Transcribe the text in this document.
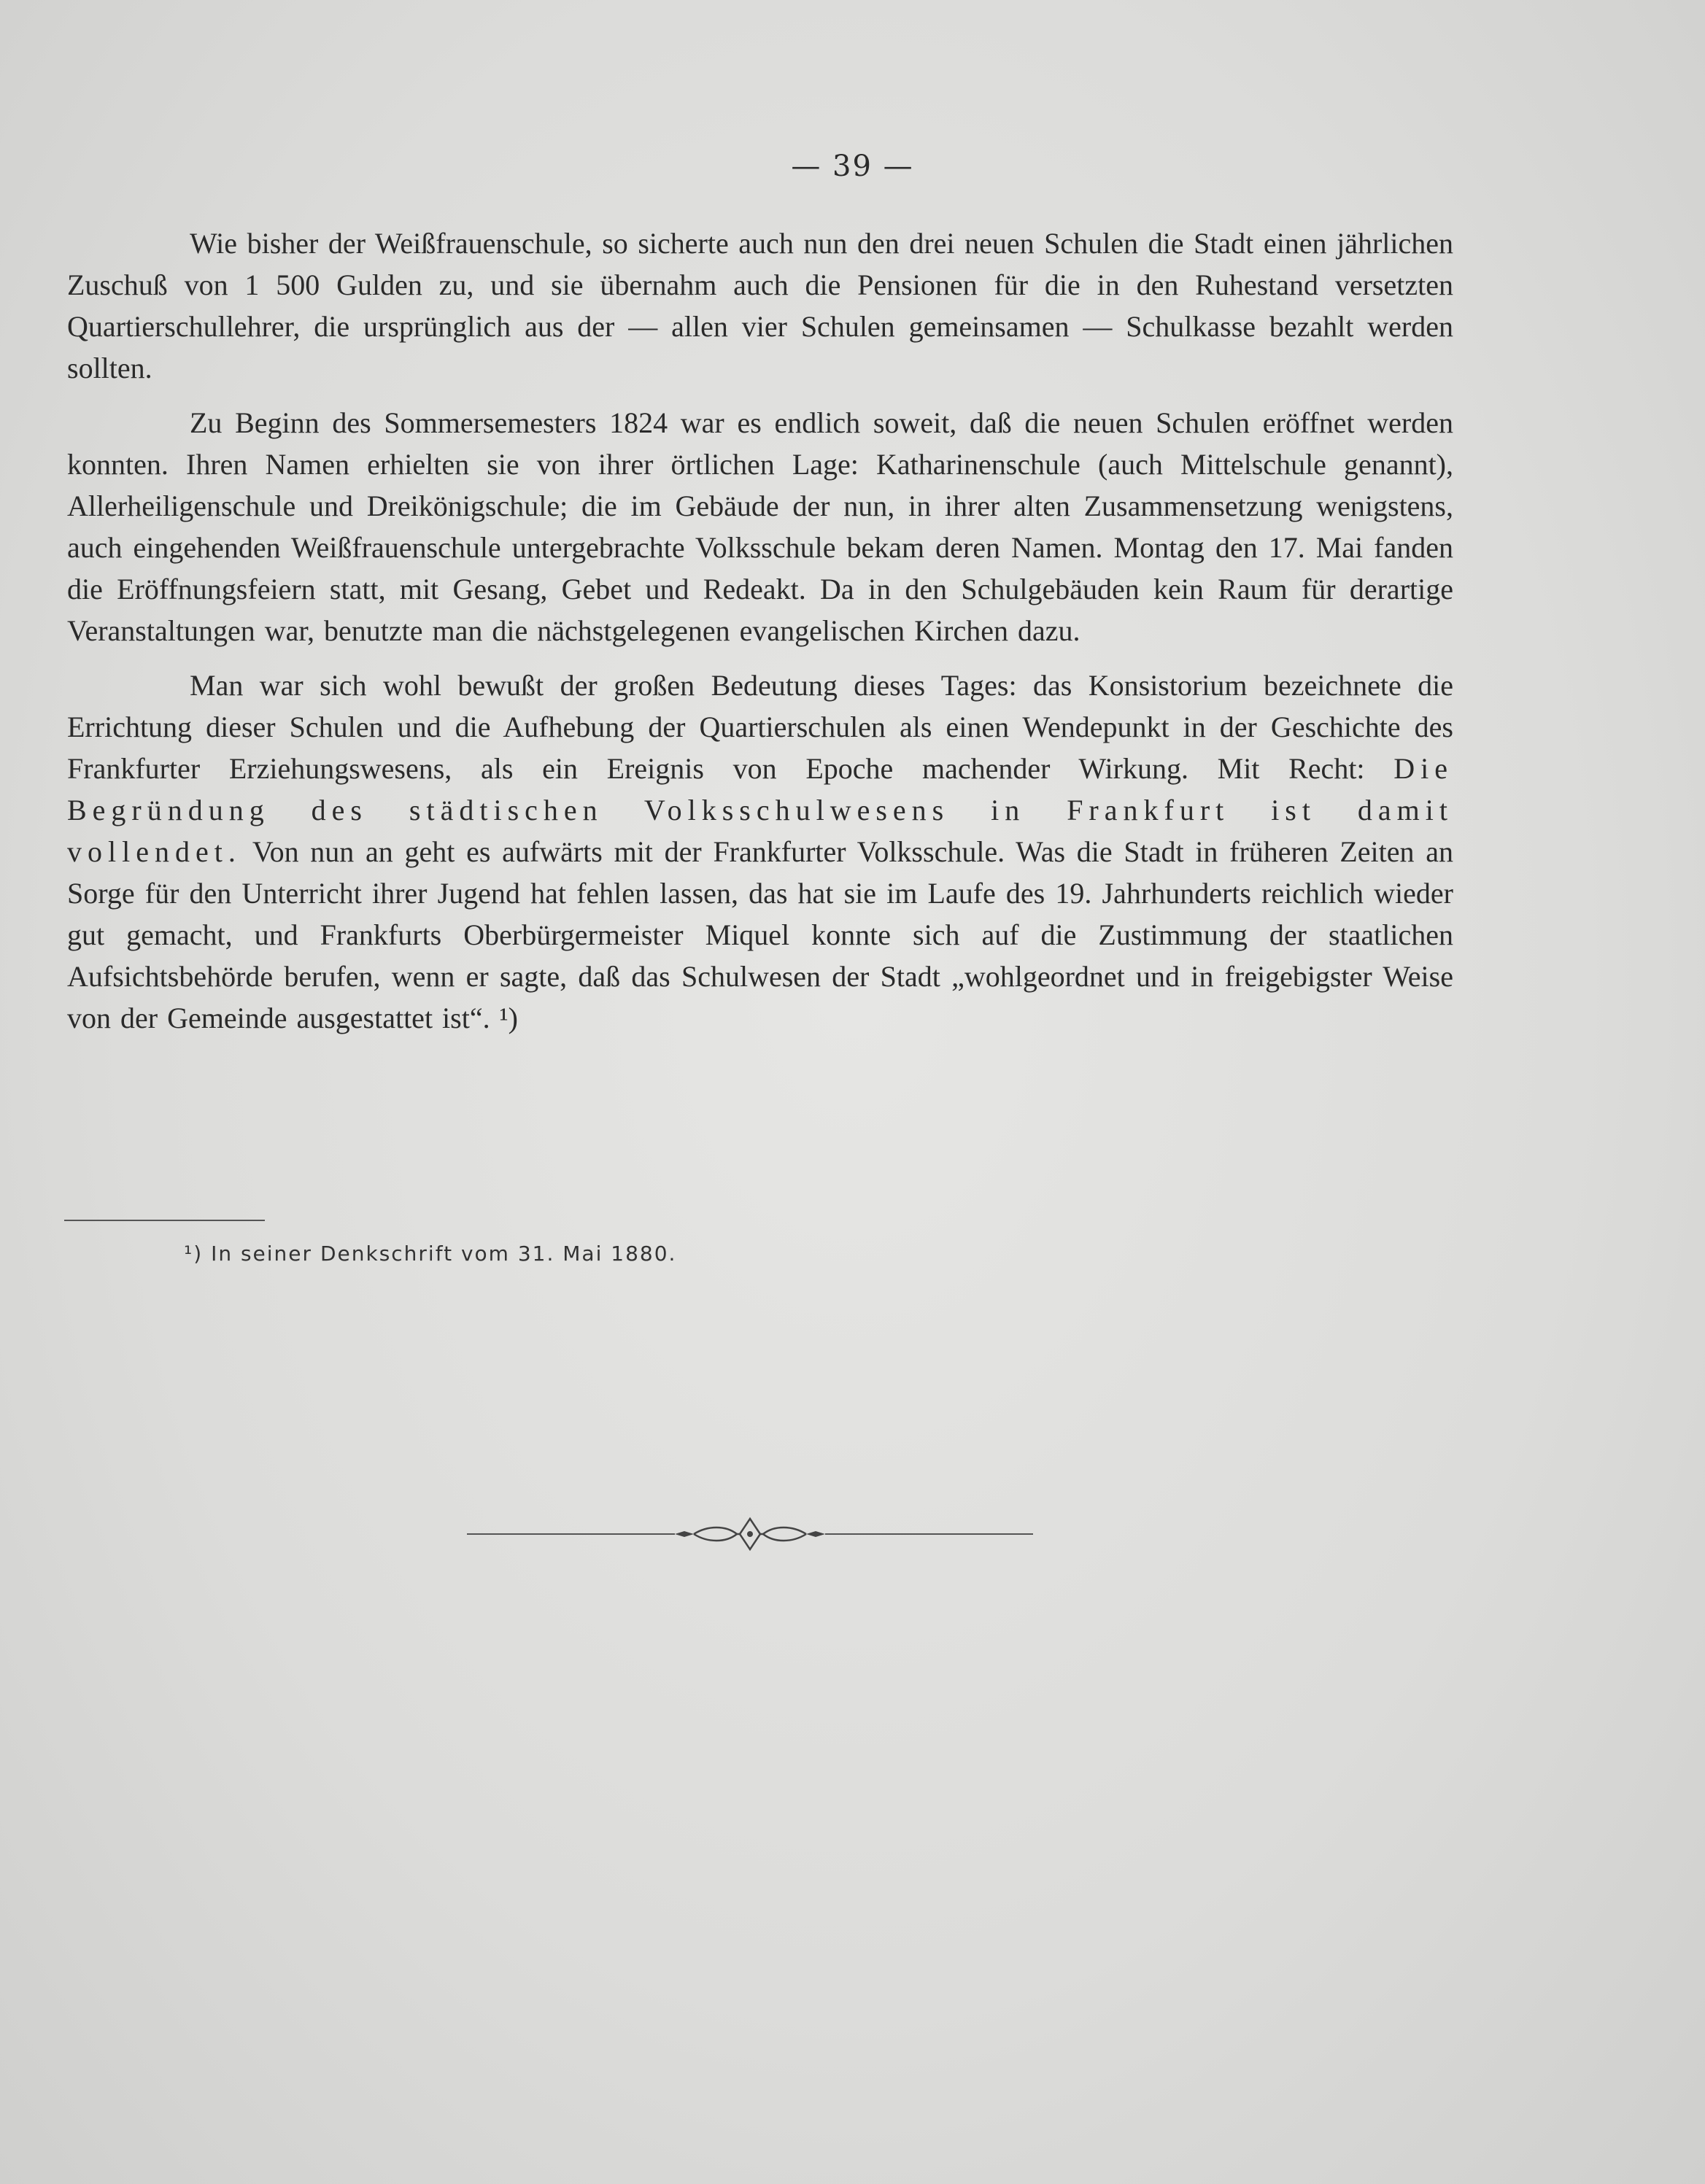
— 39 —

Wie bisher der Weißfrauenschule, so sicherte auch nun den drei neuen Schulen die Stadt einen jährlichen Zuschuß von 1 500 Gulden zu, und sie übernahm auch die Pensionen für die in den Ruhestand versetzten Quartierschullehrer, die ursprünglich aus der — allen vier Schulen gemeinsamen — Schulkasse bezahlt werden sollten.

Zu Beginn des Sommersemesters 1824 war es endlich soweit, daß die neuen Schulen eröffnet werden konnten. Ihren Namen erhielten sie von ihrer örtlichen Lage: Katharinenschule (auch Mittelschule genannt), Allerheiligenschule und Dreikönigschule; die im Gebäude der nun, in ihrer alten Zusammensetzung wenigstens, auch eingehenden Weißfrauenschule untergebrachte Volksschule bekam deren Namen. Montag den 17. Mai fanden die Eröffnungsfeiern statt, mit Gesang, Gebet und Redeakt. Da in den Schulgebäuden kein Raum für derartige Veranstaltungen war, benutzte man die nächstgelegenen evangelischen Kirchen dazu.

Man war sich wohl bewußt der großen Bedeutung dieses Tages: das Konsistorium bezeichnete die Errichtung dieser Schulen und die Aufhebung der Quartierschulen als einen Wendepunkt in der Geschichte des Frankfurter Erziehungswesens, als ein Ereignis von Epoche machender Wirkung. Mit Recht: Die Begründung des städtischen Volksschulwesens in Frankfurt ist damit vollendet. Von nun an geht es aufwärts mit der Frankfurter Volksschule. Was die Stadt in früheren Zeiten an Sorge für den Unterricht ihrer Jugend hat fehlen lassen, das hat sie im Laufe des 19. Jahrhunderts reichlich wieder gut gemacht, und Frankfurts Oberbürgermeister Miquel konnte sich auf die Zustimmung der staatlichen Aufsichtsbehörde berufen, wenn er sagte, daß das Schulwesen der Stadt „wohlgeordnet und in freigebigster Weise von der Gemeinde ausgestattet ist“. ¹)

¹) In seiner Denkschrift vom 31. Mai 1880.
